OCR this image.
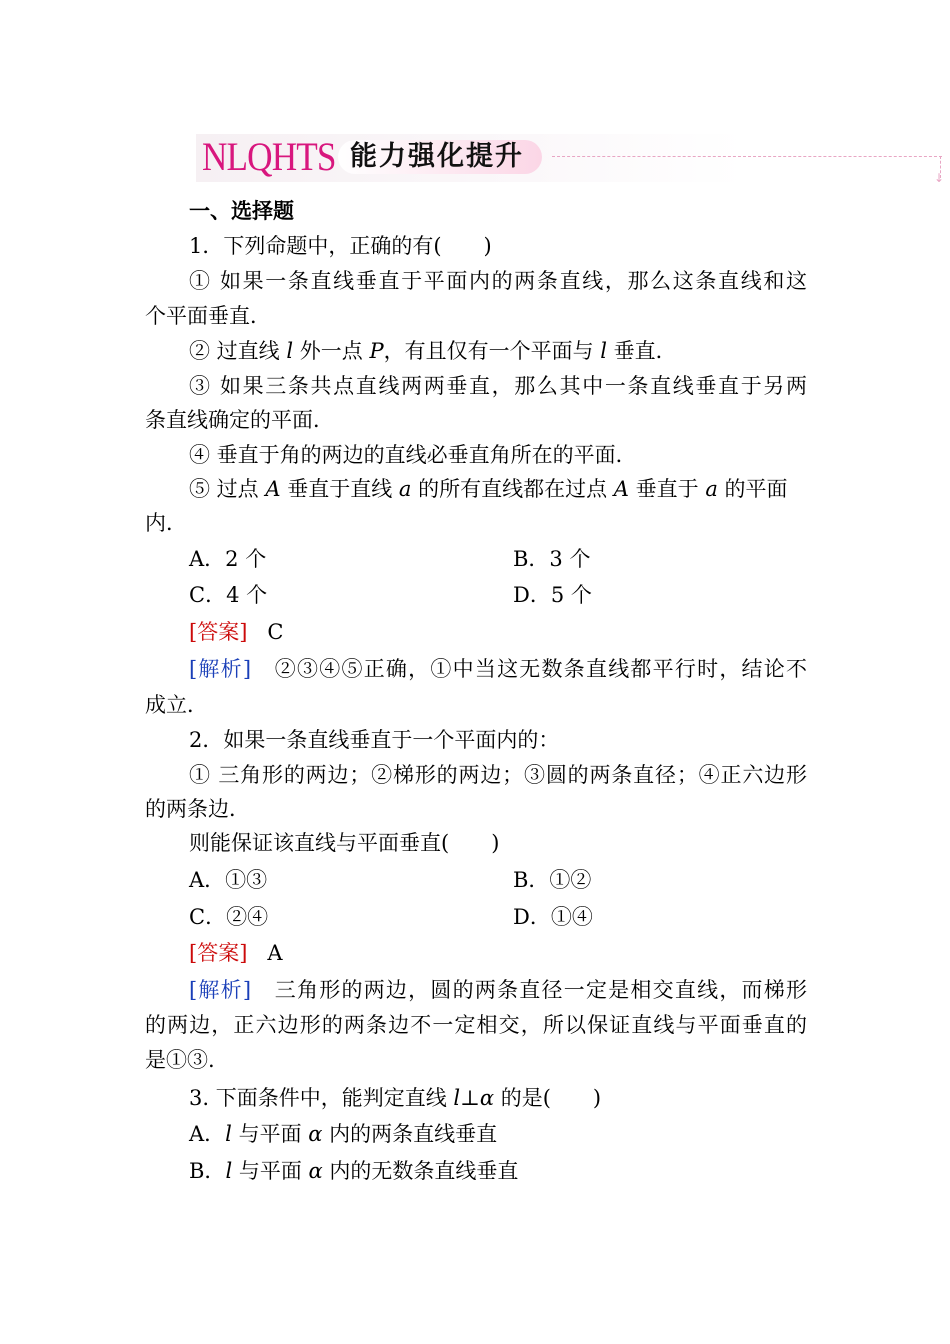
NLQHTS 能力强化提升
↓
一、选择题
1．下列命题中，正确的有(　　)
① 如果一条直线垂直于平面内的两条直线，那么这条直线和这
个平面垂直．
② 过直线 l 外一点 P，有且仅有一个平面与 l 垂直．
③ 如果三条共点直线两两垂直，那么其中一条直线垂直于另两
条直线确定的平面．
④ 垂直于角的两边的直线必垂直角所在的平面．
⑤ 过点 A 垂直于直线 a 的所有直线都在过点 A 垂直于 a 的平面
内．
A．2 个	B．3 个
C．4 个	D．5 个
[答案] C
[解析] ②③④⑤正确，①中当这无数条直线都平行时，结论不
成立．
2．如果一条直线垂直于一个平面内的：
① 三角形的两边；②梯形的两边；③圆的两条直径；④正六边形
的两条边．
则能保证该直线与平面垂直(　　)
A．①③	B．①②
C．②④	D．①④
[答案] A
[解析] 三角形的两边，圆的两条直径一定是相交直线，而梯形
的两边，正六边形的两条边不一定相交，所以保证直线与平面垂直的
是①③.
3. 下面条件中，能判定直线 l⊥α 的是(　　)
A．l 与平面 α 内的两条直线垂直
B．l 与平面 α 内的无数条直线垂直
